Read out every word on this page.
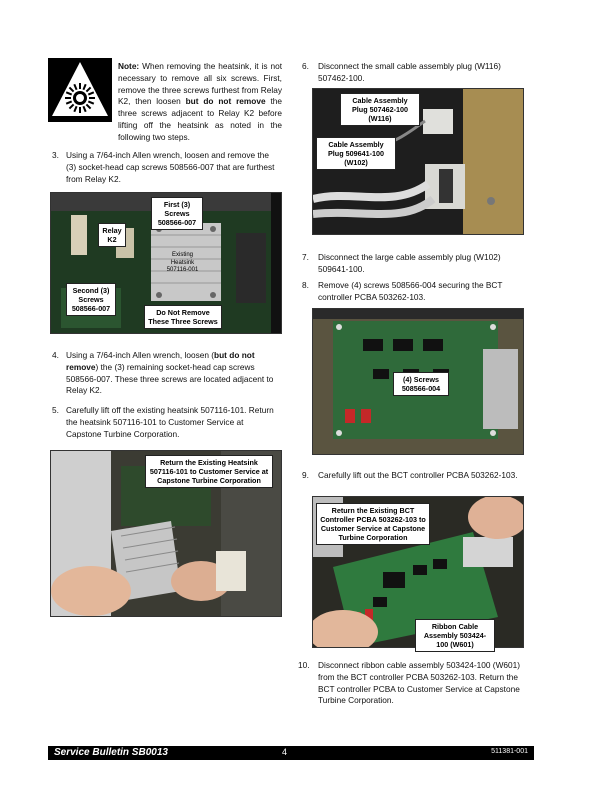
Note: When removing the heatsink, it is not necessary to remove all six screws. First, remove the three screws furthest from Relay K2, then loosen but do not remove the three screws adjacent to Relay K2 before lifting off the heatsink as noted in the following two steps.
3. Using a 7/64-inch Allen wrench, loosen and remove the (3) socket-head cap screws 508566-007 that are furthest from Relay K2.
Relay K2
First (3) Screws 508566-007
Existing Heatsink 507116-001
Second (3) Screws 508566-007	Do Not Remove These Three Screws
4. Using a 7/64-inch Allen wrench, loosen (but do not remove) the (3) remaining socket-head cap screws 508566-007. These three screws are located adjacent to Relay K2.
5. Carefully lift off the existing heatsink 507116-101. Return the heatsink 507116-101 to Customer Service at Capstone Turbine Corporation.
Return the Existing Heatsink 507116-101 to Customer Service at Capstone Turbine Corporation
6. Disconnect the small cable assembly plug (W116) 507462-100.
Cable Assembly Plug 507462-100 (W116)
Cable Assembly Plug 509641-100 (W102)
7. Disconnect the large cable assembly plug (W102) 509641-100.
8. Remove (4) screws 508566-004 securing the BCT controller PCBA 503262-103.
(4) Screws 508566-004
9. Carefully lift out the BCT controller PCBA 503262-103.
Return the Existing BCT Controller PCBA 503262-103 to Customer Service at Capstone Turbine Corporation
Ribbon Cable Assembly 503424-100 (W601)
10. Disconnect ribbon cable assembly 503424-100 (W601) from the BCT controller PCBA 503262-103. Return the BCT controller PCBA to Customer Service at Capstone Turbine Corporation.
Service Bulletin SB0013	4	511381-001
